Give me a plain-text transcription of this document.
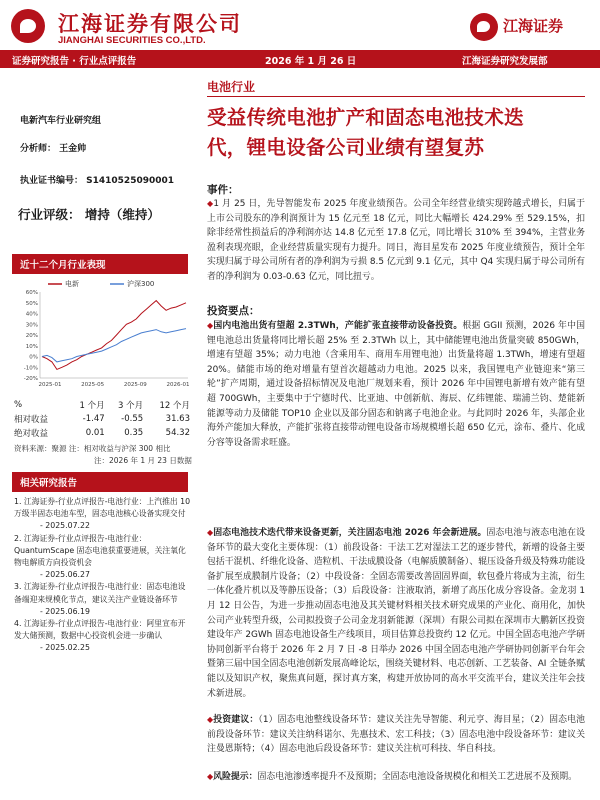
江海证券有限公司
JIANGHAI SECURITIES CO.,LTD.
江海证券
证券研究报告 · 行业点评报告	2026 年 1 月 26 日	江海证券研究发展部
电新汽车行业研究组
分析师： 王金帅
执业证书编号： S1410525090001
行业评级： 增持（维持）
近十二个月行业表现
电新	沪深300
60%
50%
40%
30%
20%
10%
0%
-10%
-20%
2025-01	2025-05	2025-09	2026-01
%	1 个月	3 个月	12 个月
相对收益	-1.47	-0.55	31.63
绝对收益	0.01	0.35	54.32
资料来源：聚源 注：相对收益与沪深 300 相比
注：2026 年 1 月 23 日数据
相关研究报告
1. 江海证券-行业点评报告-电池行业：上汽推出 10 万级半固态电池车型，固态电池核心设备实现交付
- 2025.07.22
2. 江海证券-行业点评报告-电池行业：QuantumScape 固态电池获重要进展，关注氧化物电解质方向投资机会
- 2025.06.27
3. 江海证券-行业点评报告-电池行业：固态电池设备端迎来规模化节点，建议关注产业链设备环节
- 2025.06.19
4. 江海证券-行业点评报告-电池行业：阿里宣布开发大储预测，数据中心投资机会进一步确认
- 2025.02.25
电池行业
受益传统电池扩产和固态电池技术迭
代，锂电设备公司业绩有望复苏
事件：
◆1 月 25 日，先导智能发布 2025 年度业绩预告。公司全年经营业绩实现跨越式增长，归属于上市公司股东的净利润预计为 15 亿元至 18 亿元，同比大幅增长 424.29% 至 529.15%，扣除非经常性损益后的净利润亦达 14.8 亿元至 17.8 亿元，同比增长 310% 至 394%，主营业务盈利表现亮眼，企业经营质量实现有力提升。同日，海目星发布 2025 年度业绩预告，预计全年实现归属于母公司所有者的净利润为亏损 8.5 亿元到 9.1 亿元，其中 Q4 实现归属于母公司所有者的净利润为 0.03-0.63 亿元，同比扭亏。
投资要点：
◆国内电池出货有望超 2.3TWh，产能扩张直接带动设备投资。根据 GGII 预测，2026 年中国锂电池总出货量将同比增长超 25% 至 2.3TWh 以上，其中储能锂电池出货量突破 850GWh，增速有望超 35%；动力电池（含乘用车、商用车用锂电池）出货量将超 1.3TWh，增速有望超 20%。储能市场的绝对增量有望首次超越动力电池。2025 以来，我国锂电产业链迎来“第三轮”扩产周期，通过设备招标情况及电池厂规划来看，预计 2026 年中国锂电新增有效产能有望超 700GWh，主要集中于宁德时代、比亚迪、中创新航、海辰、亿纬锂能、瑞浦兰钧、楚能新能源等动力及储能 TOP10 企业以及部分固态和钠离子电池企业。与此同时 2026 年，头部企业海外产能加大释放，产能扩张将直接带动锂电设备市场规模增长超 650 亿元，涂布、叠片、化成分容等设备需求旺盛。
◆固态电池技术迭代带来设备更新，关注固态电池 2026 年会新进展。固态电池与液态电池在设备环节的最大变化主要体现：（1）前段设备：干法工艺对湿法工艺的逐步替代，新增的设备主要包括干混机、纤维化设备、造粒机、干法成膜设备（电解质膜制备）、辊压设备升级及特殊功能设备扩展至成膜制片设备；（2）中段设备：全固态需要改善固固界面，软包叠片将成为主流，衍生一体化叠片机以及等静压设备；（3）后段设备：注液取消，新增了高压化成分容设备。金龙羽 1 月 12 日公告，为进一步推动固态电池及其关键材料相关技术研究成果的产业化、商用化，加快公司产业转型升级，公司拟投资子公司金龙羽新能源（深圳）有限公司拟在深圳市大鹏新区投资建设年产 2GWh 固态电池设备生产线项目，项目估算总投资约 12 亿元。中国全固态电池产学研协同创新平台将于 2026 年 2 月 7 日 -8 日举办 2026 中国全固态电池产学研协同创新平台年会暨第三届中国全固态电池创新发展高峰论坛，围绕关键材料、电芯创新、工艺装备、AI 全链条赋能以及知识产权，聚焦真问题，探讨真方案，构建开放协同的高水平交流平台，建议关注年会技术新进展。
◆投资建议：（1）固态电池整线设备环节：建议关注先导智能、利元亨、海目星；（2）固态电池前段设备环节：建议关注纳科诺尔、先惠技术、宏工科技；（3）固态电池中段设备环节：建议关注曼恩斯特；（4）固态电池后段设备环节：建议关注杭可科技、华自科技。
◆风险提示：固态电池渗透率提升不及预期；全固态电池设备规模化和相关工艺进展不及预期。
